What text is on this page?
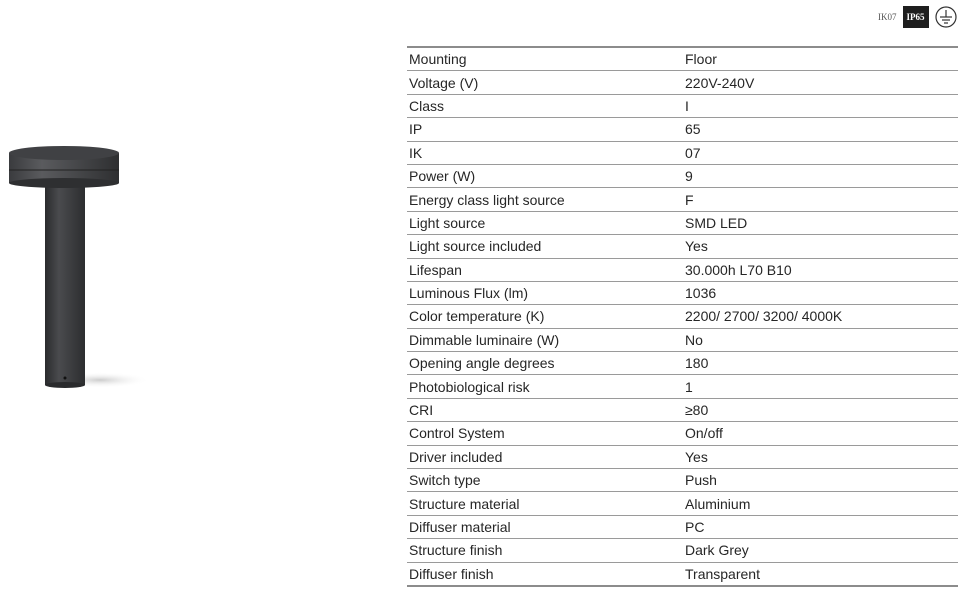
IK07	IP65
Mounting	Floor
Voltage (V)	220V-240V
Class	I
IP	65
IK	07
Power (W)	9
Energy class light source	F
Light source	SMD LED
Light source included	Yes
Lifespan	30.000h L70 B10
Luminous Flux (lm)	1036
Color temperature (K)	2200/ 2700/ 3200/ 4000K
Dimmable luminaire (W)	No
Opening angle degrees	180
Photobiological risk	1
CRI	≥80
Control System	On/off
Driver included	Yes
Switch type	Push
Structure material	Aluminium
Diffuser material	PC
Structure finish	Dark Grey
Diffuser finish	Transparent
